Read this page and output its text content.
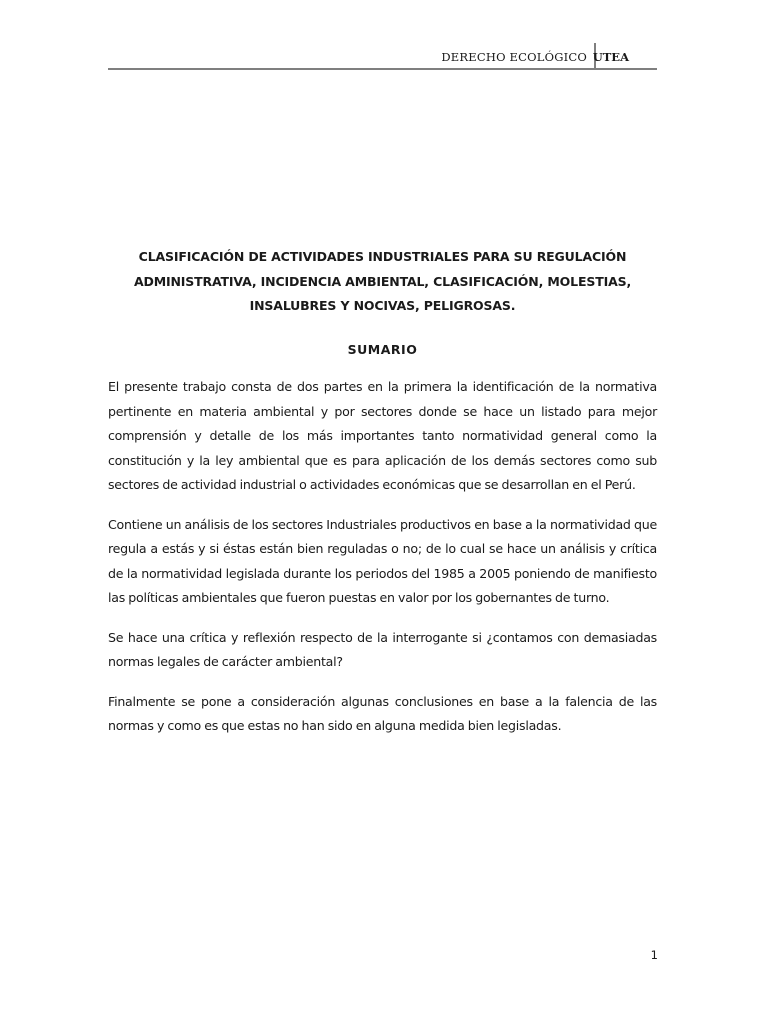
DERECHO ECOLÓGICO UTEA
CLASIFICACIÓN DE ACTIVIDADES INDUSTRIALES PARA SU REGULACIÓN
ADMINISTRATIVA, INCIDENCIA AMBIENTAL, CLASIFICACIÓN, MOLESTIAS,
INSALUBRES Y NOCIVAS, PELIGROSAS.
SUMARIO

El presente trabajo consta de dos partes en la primera la identificación de la normativa pertinente en materia ambiental y por sectores donde se hace un listado para mejor comprensión y detalle de los más importantes tanto normatividad general como la constitución y la ley ambiental que es para aplicación de los demás sectores como sub sectores de actividad industrial o actividades económicas que se desarrollan en el Perú.

Contiene un análisis de los sectores Industriales productivos en base a la normatividad que regula a estás y si éstas están bien reguladas o no; de lo cual se hace un análisis y crítica de la normatividad legislada durante los periodos del 1985 a 2005 poniendo de manifiesto las políticas ambientales que fueron puestas en valor por los gobernantes de turno.

Se hace una crítica y reflexión respecto de la interrogante si ¿contamos con demasiadas normas legales de carácter ambiental?

Finalmente se pone a consideración algunas conclusiones en base a la falencia de las normas y como es que estas no han sido en alguna medida bien legisladas.

1
